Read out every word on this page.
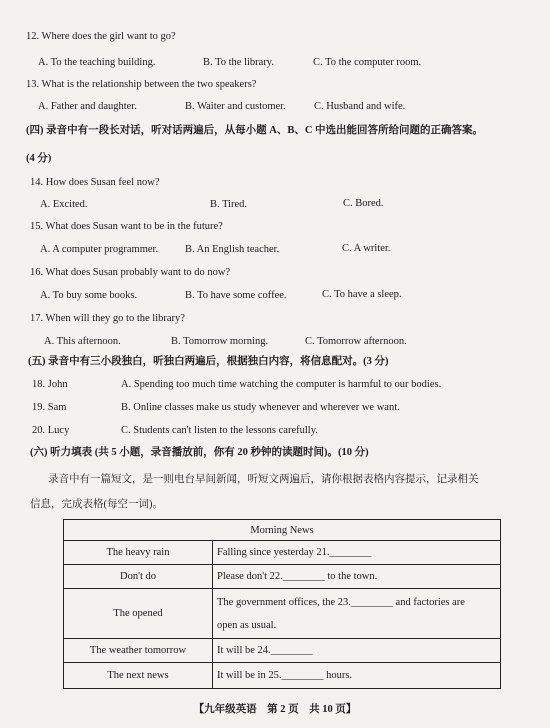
12. Where does the girl want to go?
A. To the teaching building.	B. To the library.	C. To the computer room.
13. What is the relationship between the two speakers?
A. Father and daughter.	B. Waiter and customer.	C. Husband and wife.
(四) 录音中有一段长对话，听对话两遍后，从每小题 A、B、C 中选出能回答所给问题的正确答案。
(4 分)
14. How does Susan feel now?
A. Excited.	B. Tired.	C. Bored.
15. What does Susan want to be in the future?
A. A computer programmer.	B. An English teacher.	C. A writer.
16. What does Susan probably want to do now?
A. To buy some books.	B. To have some coffee.	C. To have a sleep.
17. When will they go to the library?
A. This afternoon.	B. Tomorrow morning.	C. Tomorrow afternoon.
(五) 录音中有三小段独白，听独白两遍后，根据独白内容，将信息配对。(3 分)
18. John	A. Spending too much time watching the computer is harmful to our bodies.
19. Sam	B. Online classes make us study whenever and wherever we want.
20. Lucy	C. Students can't listen to the lessons carefully.
(六) 听力填表 (共 5 小题，录音播放前，你有 20 秒钟的读题时间)。(10 分)
录音中有一篇短文，是一则电台早间新闻，听短文两遍后，请你根据表格内容提示，记录相关
信息，完成表格(每空一词)。
Morning News	
The heavy rain	Falling since yesterday 21.________
Don't do	Please don't 22.________ to the town.
The opened	The government offices, the 23.________ and factories are
open as usual.

The weather tomorrow	It will be 24.________
The next news	It will be in 25.________ hours.
【九年级英语　第 2 页　共 10 页】
